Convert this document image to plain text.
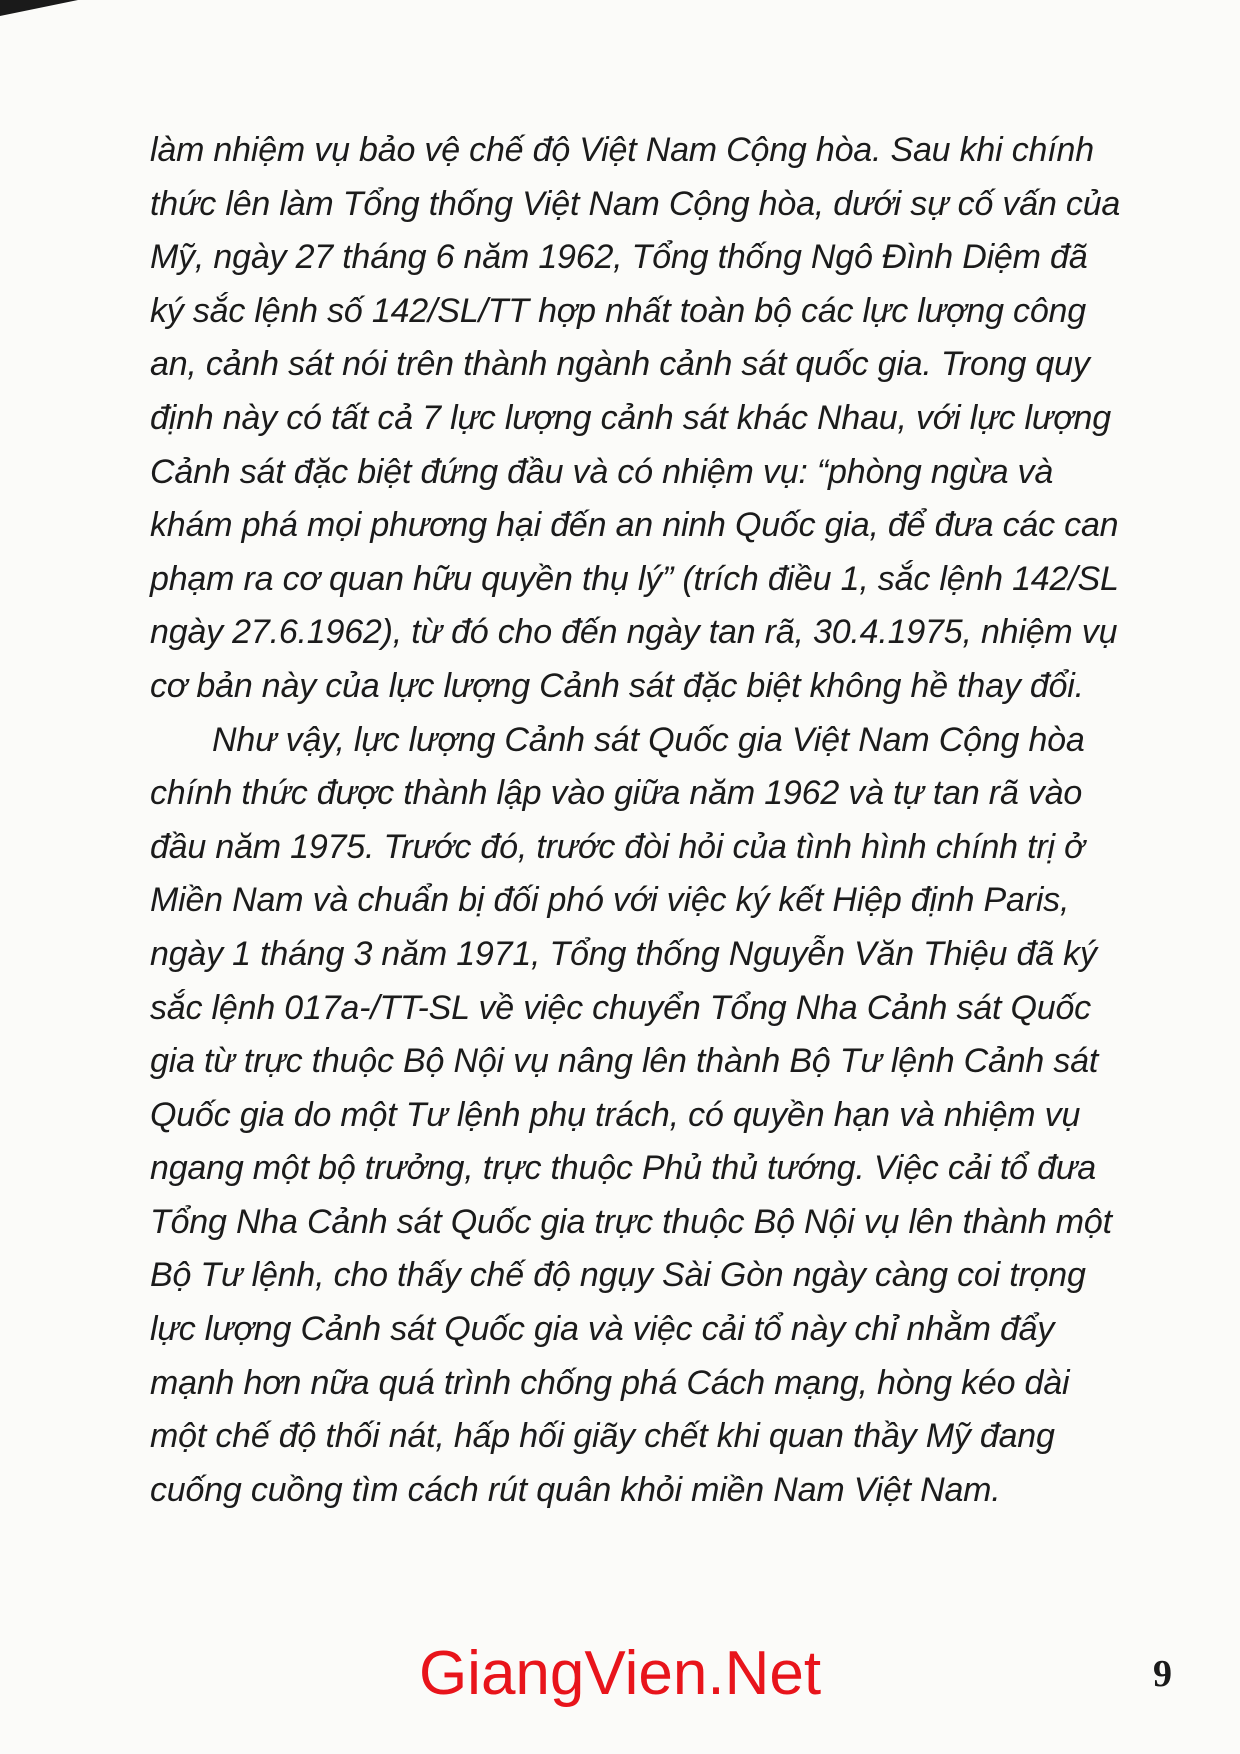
làm nhiệm vụ bảo vệ chế độ Việt Nam Cộng hòa. Sau khi chính
thức lên làm Tổng thống Việt Nam Cộng hòa, dưới sự cố vấn của
Mỹ, ngày 27 tháng 6 năm 1962, Tổng thống Ngô Đình Diệm đã
ký sắc lệnh số 142/SL/TT hợp nhất toàn bộ các lực lượng công
an, cảnh sát nói trên thành ngành cảnh sát quốc gia. Trong quy
định này có tất cả 7 lực lượng cảnh sát khác Nhau, với lực lượng
Cảnh sát đặc biệt đứng đầu và có nhiệm vụ: “phòng ngừa và
khám phá mọi phương hại đến an ninh Quốc gia, để đưa các can
phạm ra cơ quan hữu quyền thụ lý” (trích điều 1, sắc lệnh 142/SL
ngày 27.6.1962), từ đó cho đến ngày tan rã, 30.4.1975, nhiệm vụ
cơ bản này của lực lượng Cảnh sát đặc biệt không hề thay đổi.
Như vậy, lực lượng Cảnh sát Quốc gia Việt Nam Cộng hòa
chính thức được thành lập vào giữa năm 1962 và tự tan rã vào
đầu năm 1975. Trước đó, trước đòi hỏi của tình hình chính trị ở
Miền Nam và chuẩn bị đối phó với việc ký kết Hiệp định Paris,
ngày 1 tháng 3 năm 1971, Tổng thống Nguyễn Văn Thiệu đã ký
sắc lệnh 017a-/TT-SL về việc chuyển Tổng Nha Cảnh sát Quốc
gia từ trực thuộc Bộ Nội vụ nâng lên thành Bộ Tư lệnh Cảnh sát
Quốc gia do một Tư lệnh phụ trách, có quyền hạn và nhiệm vụ
ngang một bộ trưởng, trực thuộc Phủ thủ tướng. Việc cải tổ đưa
Tổng Nha Cảnh sát Quốc gia trực thuộc Bộ Nội vụ lên thành một
Bộ Tư lệnh, cho thấy chế độ ngụy Sài Gòn ngày càng coi trọng
lực lượng Cảnh sát Quốc gia và việc cải tổ này chỉ nhằm đẩy
mạnh hơn nữa quá trình chống phá Cách mạng, hòng kéo dài
một chế độ thối nát, hấp hối giãy chết khi quan thầy Mỹ đang
cuống cuồng tìm cách rút quân khỏi miền Nam Việt Nam.
GiangVien.Net	9
